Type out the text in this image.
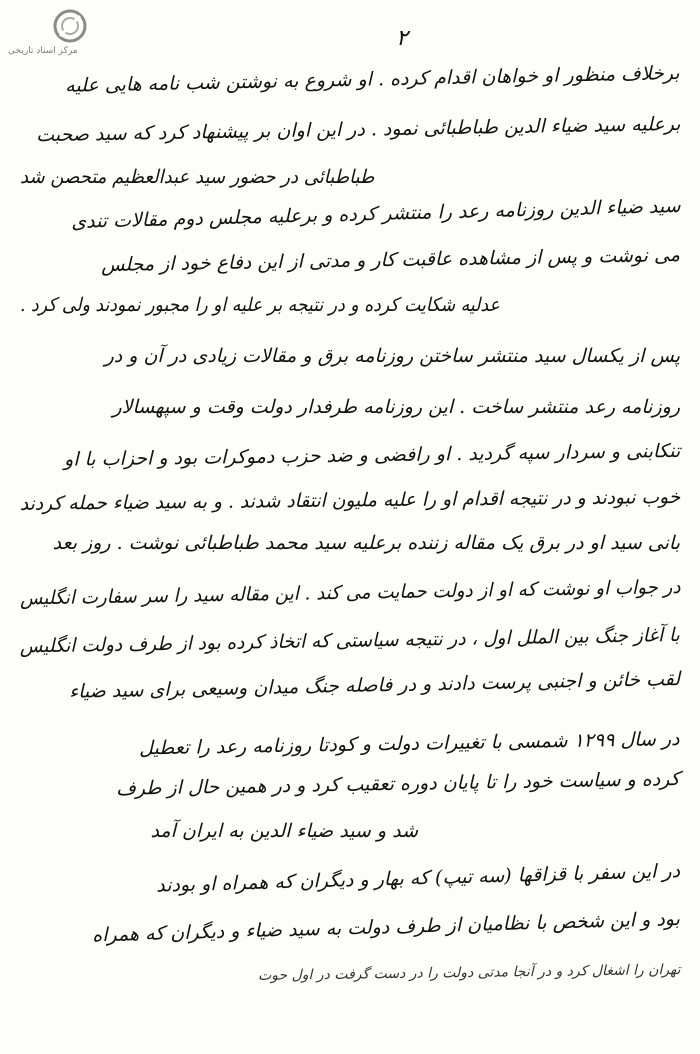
مرکز اسناد تاریخی	۲
برخلاف منظور او خواهان اقدام کرده . او شروع به نوشتن شب نامه هایی علیه
برعلیه سید ضیاء الدین طباطبائی نمود . در این اوان بر پیشنهاد کرد که سید صحبت
طباطبائی در حضور سید عبدالعظیم متحصن شد
سید ضیاء الدین روزنامه رعد را منتشر کرده و برعلیه مجلس دوم مقالات تندی
می نوشت و پس از مشاهده عاقبت کار و مدتی از این دفاع خود از مجلس
عدلیه شکایت کرده و در نتیجه بر علیه او را مجبور نمودند ولی کرد .
پس از یکسال سید منتشر ساختن روزنامه برق و مقالات زیادی در آن و در
روزنامه رعد منتشر ساخت . این روزنامه طرفدار دولت وقت و سپهسالار
تنکابنی و سردار سپه گردید . او رافضی و ضد حزب دموکرات بود و احزاب با او
خوب نبودند و در نتیجه اقدام او را علیه ملیون انتقاد شدند . و به سید ضیاء حمله کردند
بانی سید او در برق یک مقاله زننده برعلیه سید محمد طباطبائی نوشت . روز بعد
در جواب او نوشت که او از دولت حمایت می کند . این مقاله سید را سر سفارت انگلیس
با آغاز جنگ بین الملل اول ، در نتیجه سیاستی که اتخاذ کرده بود از طرف دولت انگلیس
لقب خائن و اجنبی پرست دادند و در فاصله جنگ میدان وسیعی برای سید ضیاء
در سال ۱۲۹۹ شمسی با تغییرات دولت و کودتا روزنامه رعد را تعطیل
کرده و سیاست خود را تا پایان دوره تعقیب کرد و در همین حال از طرف
شد و سید ضیاء الدین به ایران آمد
در این سفر با قزاقها (سه تیپ) که بهار و دیگران که همراه او بودند
بود و این شخص با نظامیان از طرف دولت به سید ضیاء و دیگران که همراه
تهران را اشغال کرد و در آنجا مدتی دولت را در دست گرفت در اول حوت
